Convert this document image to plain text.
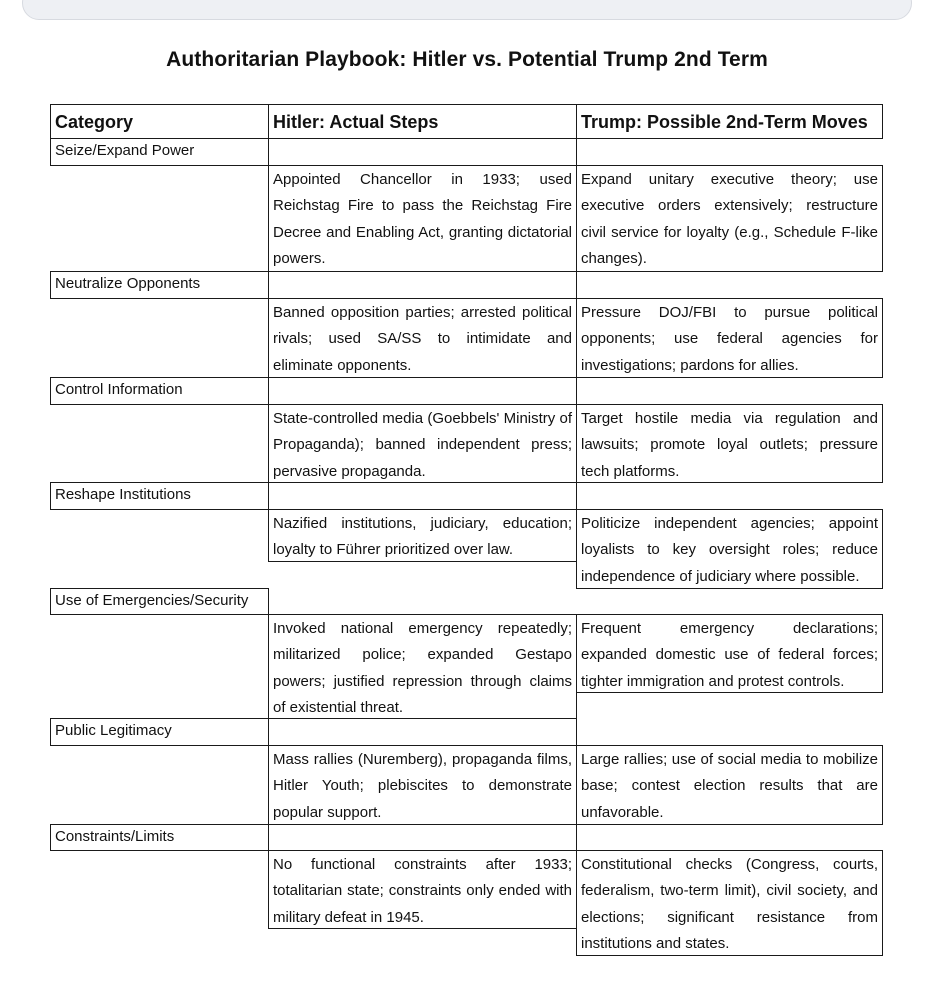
Authoritarian Playbook: Hitler vs. Potential Trump 2nd Term
Category	Hitler: Actual Steps	Trump: Possible 2nd-Term Moves
Seize/Expand Power
Appointed Chancellor in 1933; used Reichstag Fire to pass the Reichstag Fire Decree and Enabling Act, granting dictatorial powers.
Expand unitary executive theory; use executive orders extensively; restructure civil service for loyalty (e.g., Schedule F-like changes).
Neutralize Opponents
Banned opposition parties; arrested political rivals; used SA/SS to intimidate and eliminate opponents.
Pressure DOJ/FBI to pursue political opponents; use federal agencies for investigations; pardons for allies.
Control Information
State-controlled media (Goebbels' Ministry of Propaganda); banned independent press; pervasive propaganda.
Target hostile media via regulation and lawsuits; promote loyal outlets; pressure tech platforms.
Reshape Institutions
Nazified institutions, judiciary, education; loyalty to Führer prioritized over law.
Politicize independent agencies; appoint loyalists to key oversight roles; reduce independence of judiciary where possible.
Use of Emergencies/Security
Invoked national emergency repeatedly; militarized police; expanded Gestapo powers; justified repression through claims of existential threat.
Frequent emergency declarations; expanded domestic use of federal forces; tighter immigration and protest controls.
Public Legitimacy
Mass rallies (Nuremberg), propaganda films, Hitler Youth; plebiscites to demonstrate popular support.
Large rallies; use of social media to mobilize base; contest election results that are unfavorable.
Constraints/Limits
No functional constraints after 1933; totalitarian state; constraints only ended with military defeat in 1945.
Constitutional checks (Congress, courts, federalism, two-term limit), civil society, and elections; significant resistance from institutions and states.
